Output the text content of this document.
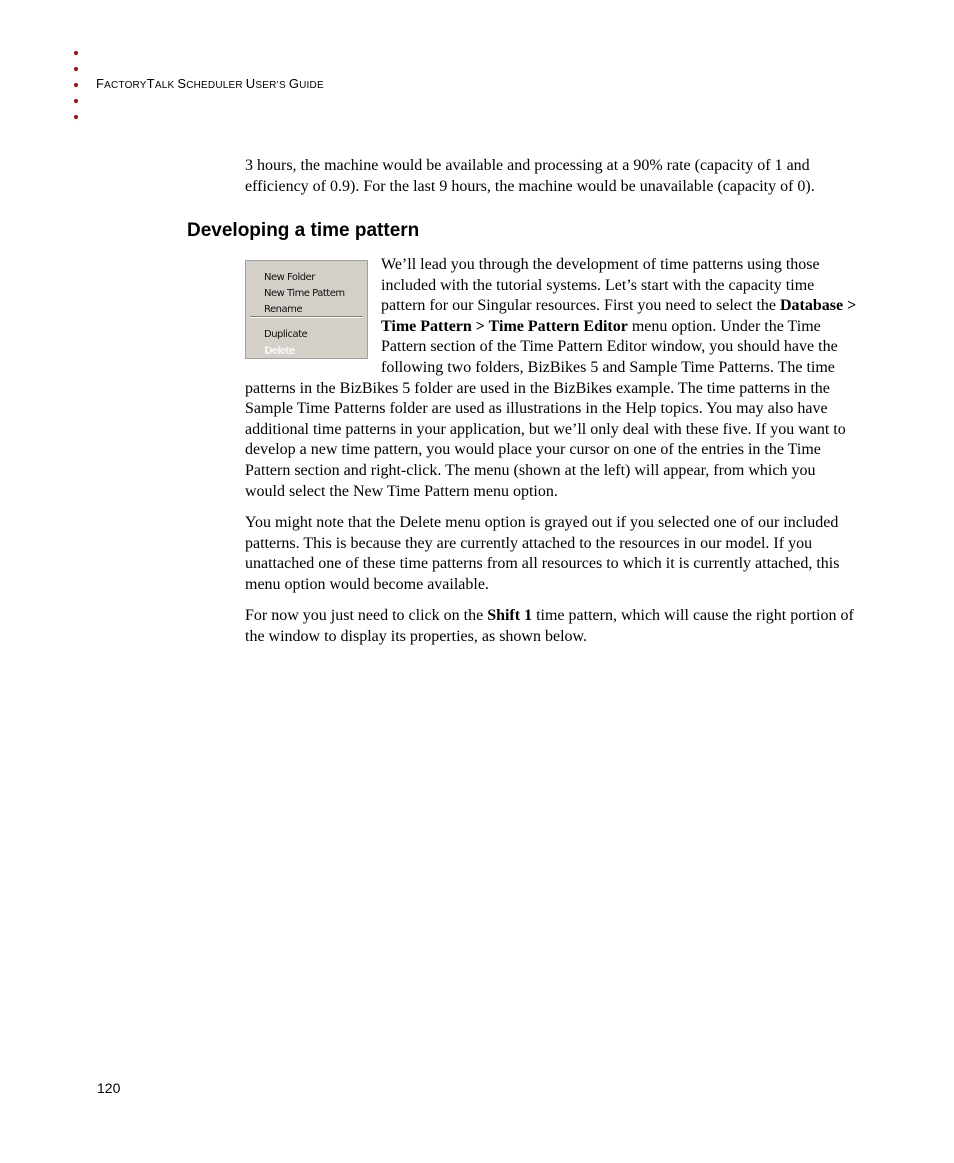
FACTORYTALK SCHEDULER USER’S GUIDE
3 hours, the machine would be available and processing at a 90% rate (capacity of 1 and efficiency of 0.9). For the last 9 hours, the machine would be unavailable (capacity of 0).
Developing a time pattern
New Folder
New Time Pattern
Rename
Duplicate
Delete
We’ll lead you through the development of time patterns using those included with the tutorial systems. Let’s start with the capacity time pattern for our Singular resources. First you need to select the Database > Time Pattern > Time Pattern Editor menu option. Under the Time Pattern section of the Time Pattern Editor window, you should have the following two folders, BizBikes 5 and Sample Time Patterns. The time patterns in the BizBikes 5 folder are used in the BizBikes example. The time patterns in the Sample Time Patterns folder are used as illustrations in the Help topics. You may also have additional time patterns in your application, but we’ll only deal with these five. If you want to develop a new time pattern, you would place your cursor on one of the entries in the Time Pattern section and right-click. The menu (shown at the left) will appear, from which you would select the New Time Pattern menu option.
You might note that the Delete menu option is grayed out if you selected one of our included patterns. This is because they are currently attached to the resources in our model. If you unattached one of these time patterns from all resources to which it is currently attached, this menu option would become available.
For now you just need to click on the Shift 1 time pattern, which will cause the right portion of the window to display its properties, as shown below.
120
